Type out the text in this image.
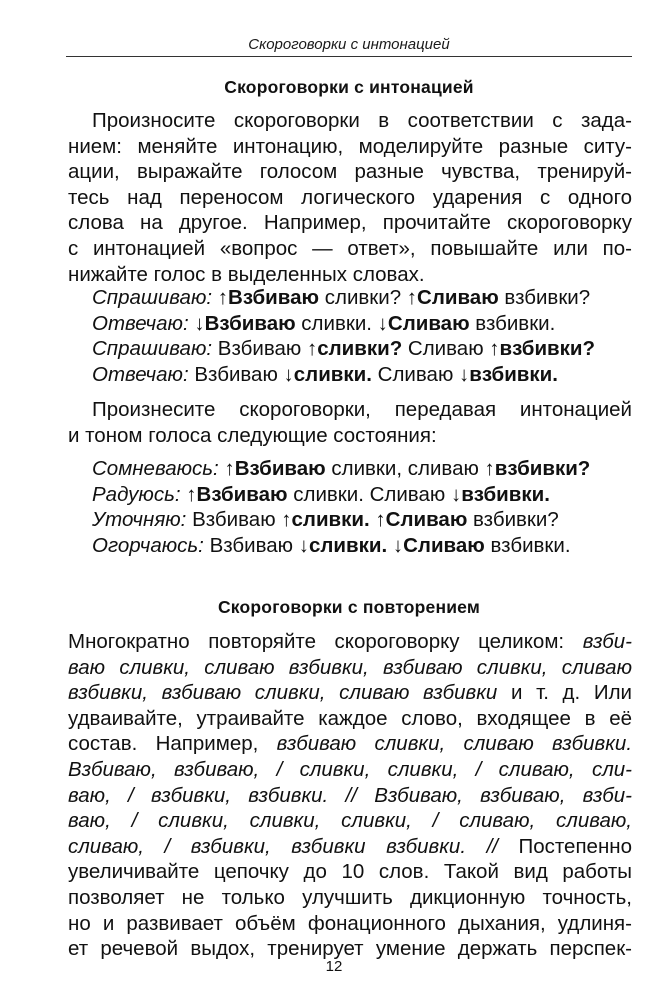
Скороговорки с интонацией
Скороговорки с интонацией
Произносите скороговорки в соответствии с зада-
нием: меняйте интонацию, моделируйте разные ситу-
ации, выражайте голосом разные чувства, тренируй-
тесь над переносом логического ударения с одного
слова на другое. Например, прочитайте скороговорку
с интонацией «вопрос — ответ», повышайте или по-
нижайте голос в выделенных словах.
Спрашиваю: ↑Взбиваю сливки? ↑Сливаю взбивки?
Отвечаю: ↓Взбиваю сливки. ↓Сливаю взбивки.
Спрашиваю: Взбиваю ↑сливки? Сливаю ↑взбивки?
Отвечаю: Взбиваю ↓сливки. Сливаю ↓взбивки.
Произнесите скороговорки, передавая интонацией
и тоном голоса следующие состояния:
Сомневаюсь: ↑Взбиваю сливки, сливаю ↑взбивки?
Радуюсь: ↑Взбиваю сливки. Сливаю ↓взбивки.
Уточняю: Взбиваю ↑сливки. ↑Сливаю взбивки?
Огорчаюсь: Взбиваю ↓сливки. ↓Сливаю взбивки.
Скороговорки с повторением
Многократно повторяйте скороговорку целиком: взби-
ваю сливки, сливаю взбивки, взбиваю сливки, сливаю
взбивки, взбиваю сливки, сливаю взбивки и т. д. Или
удваивайте, утраивайте каждое слово, входящее в её
состав. Например, взбиваю сливки, сливаю взбивки.
Взбиваю, взбиваю, / сливки, сливки, / сливаю, сли-
ваю, / взбивки, взбивки. // Взбиваю, взбиваю, взби-
ваю, / сливки, сливки, сливки, / сливаю, сливаю,
сливаю, / взбивки, взбивки взбивки. // Постепенно
увеличивайте цепочку до 10 слов. Такой вид работы
позволяет не только улучшить дикционную точность,
но и развивает объём фонационного дыхания, удлиня-
ет речевой выдох, тренирует умение держать перспек-
12
